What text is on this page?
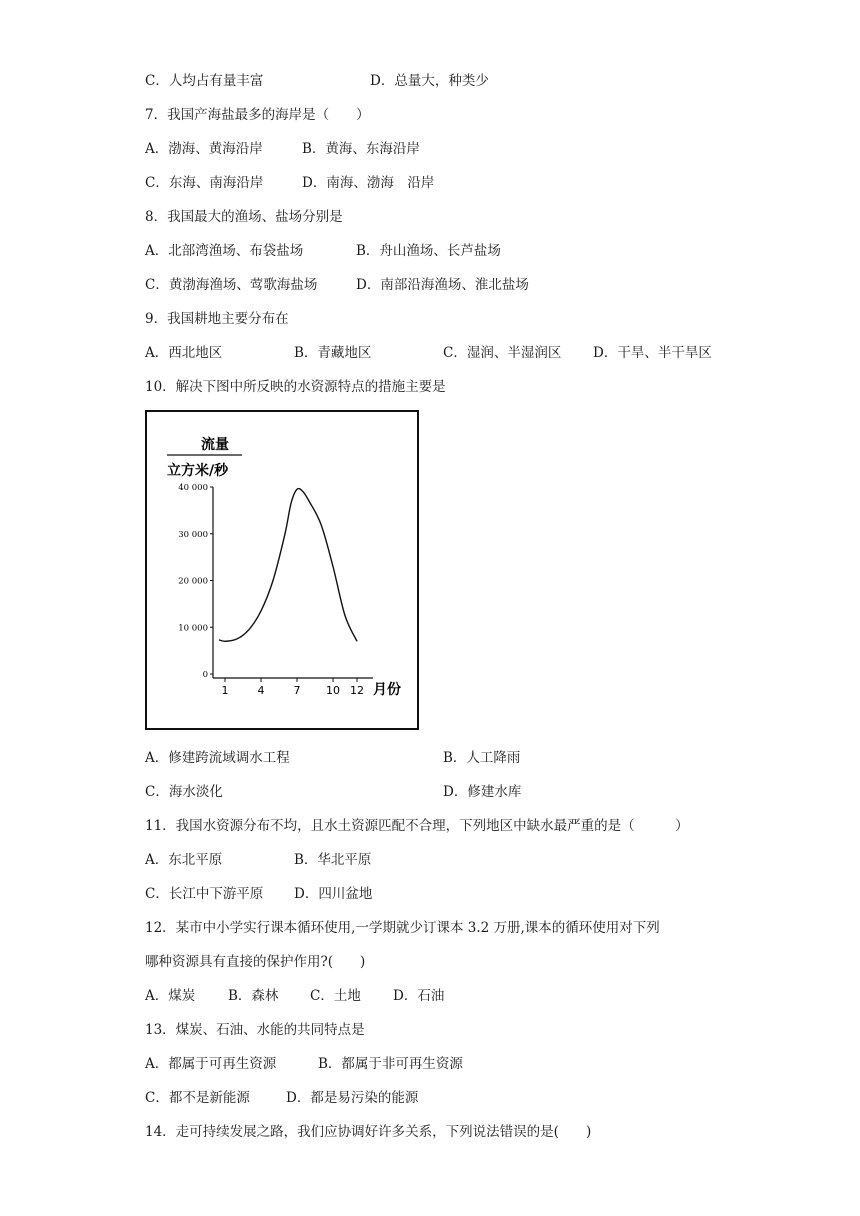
C．人均占有量丰富	D．总量大，种类少
7．我国产海盐最多的海岸是（　　）
A．渤海、黄海沿岸	B．黄海、东海沿岸
C．东海、南海沿岸	D．南海、渤海　沿岸
8．我国最大的渔场、盐场分别是
A．北部湾渔场、布袋盐场	B．舟山渔场、长芦盐场
C．黄渤海渔场、莺歌海盐场	D．南部沿海渔场、淮北盐场
9．我国耕地主要分布在
A．西北地区	B．青藏地区	C．湿润、半湿润区 D．干旱、半干旱区
10．解决下图中所反映的水资源特点的措施主要是
流量
立方米/秒
0
10 000
20 000
30 000
40 000
1	4	7 10 12 月份
A．修建跨流域调水工程	B．人工降雨
C．海水淡化	D．修建水库
11．我国水资源分布不均，且水土资源匹配不合理，下列地区中缺水最严重的是（　　　）
A．东北平原	B．华北平原
C．长江中下游平原 D．四川盆地
12．某市中小学实行课本循环使用,一学期就少订课本 3.2 万册,课本的循环使用对下列
哪种资源具有直接的保护作用?(　　)
A．煤炭 B．森林 C．土地 D．石油
13．煤炭、石油、水能的共同特点是
A．都属于可再生资源	B．都属于非可再生资源
C．都不是新能源	D．都是易污染的能源
14．走可持续发展之路，我们应协调好许多关系，下列说法错误的是(　　)
